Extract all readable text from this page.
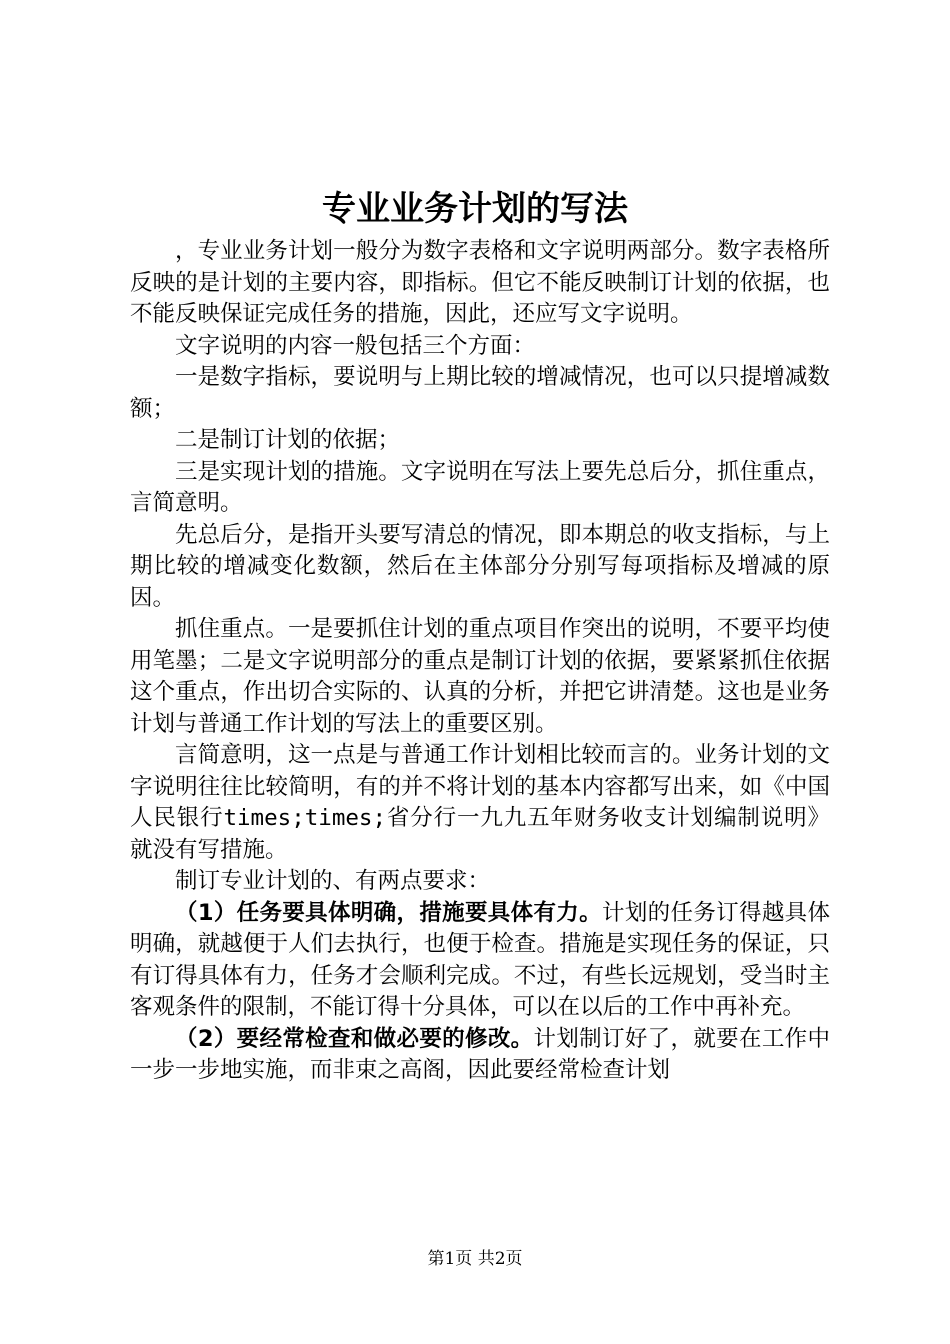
专业业务计划的写法

，专业业务计划一般分为数字表格和文字说明两部分。数字表格所反映的是计划的主要内容，即指标。但它不能反映制订计划的依据，也不能反映保证完成任务的措施，因此，还应写文字说明。

文字说明的内容一般包括三个方面：

一是数字指标，要说明与上期比较的增减情况，也可以只提增减数额；

二是制订计划的依据；

三是实现计划的措施。文字说明在写法上要先总后分，抓住重点，言简意明。

先总后分，是指开头要写清总的情况，即本期总的收支指标，与上期比较的增减变化数额，然后在主体部分分别写每项指标及增减的原因。

抓住重点。一是要抓住计划的重点项目作突出的说明，不要平均使用笔墨；二是文字说明部分的重点是制订计划的依据，要紧紧抓住依据这个重点，作出切合实际的、认真的分析，并把它讲清楚。这也是业务计划与普通工作计划的写法上的重要区别。

言简意明，这一点是与普通工作计划相比较而言的。业务计划的文字说明往往比较简明，有的并不将计划的基本内容都写出来，如《中国人民银行times;times;省分行一九九五年财务收支计划编制说明》就没有写措施。

制订专业计划的、有两点要求：

（1）任务要具体明确，措施要具体有力。计划的任务订得越具体明确，就越便于人们去执行，也便于检查。措施是实现任务的保证，只有订得具体有力，任务才会顺利完成。不过，有些长远规划，受当时主客观条件的限制，不能订得十分具体，可以在以后的工作中再补充。

（2）要经常检查和做必要的修改。计划制订好了，就要在工作中一步一步地实施，而非束之高阁，因此要经常检查计划

第1页 共2页
